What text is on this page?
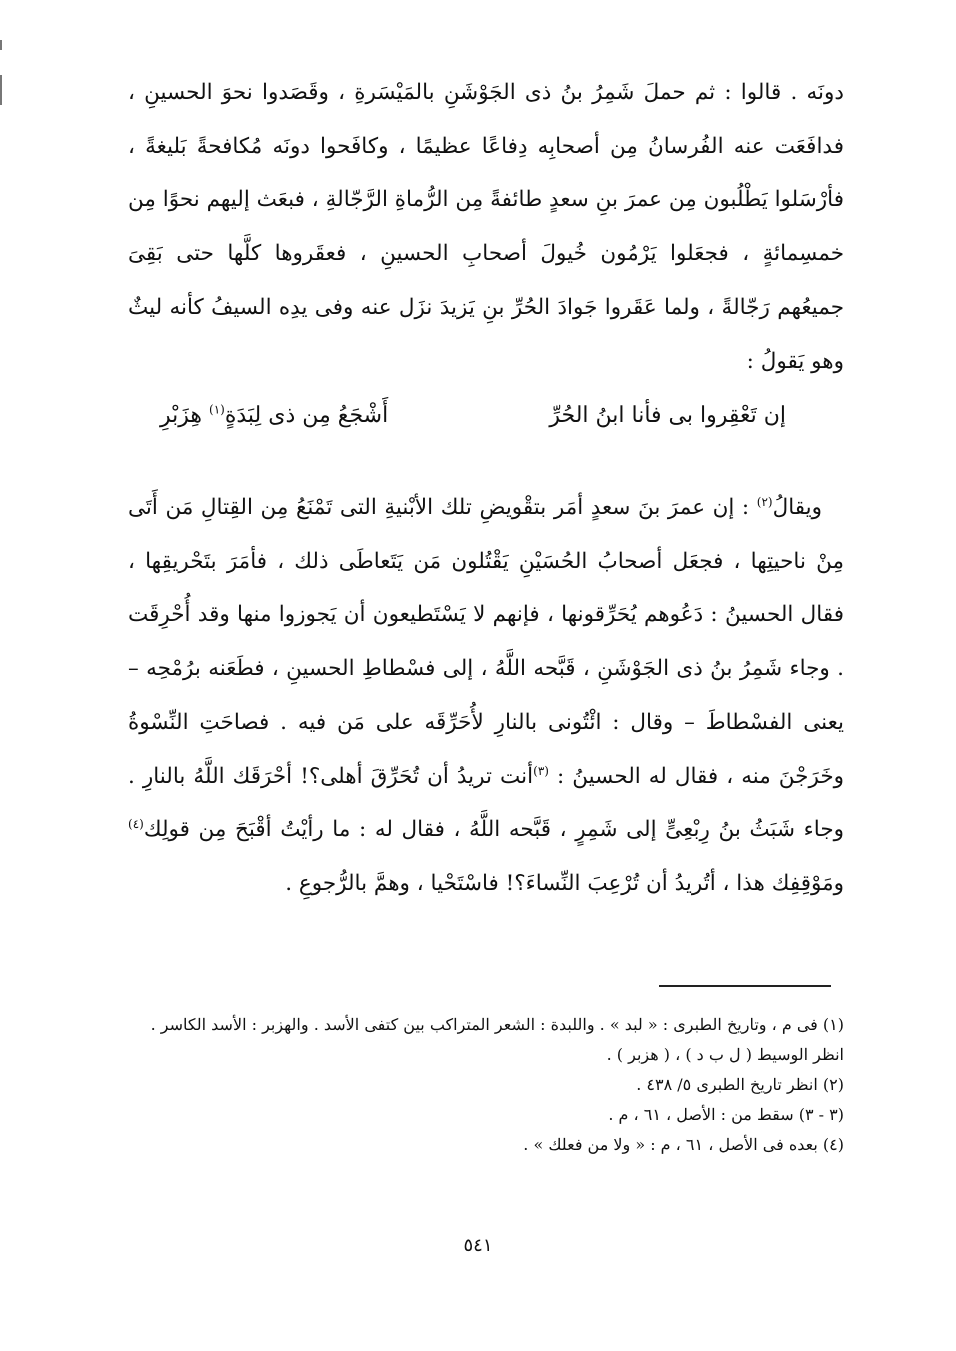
دونَه . قالوا : ثم حملَ شَمِرُ بنُ ذى الجَوْشَنِ بالمَيْسَرةِ ، وقَصَدوا نحوَ الحسينِ ، فدافَعَت عنه الفُرسانُ مِن أصحابِه دِفاعًا عظيمًا ، وكافَحوا دونَه مُكافحةً بَليغةً ، فأرْسَلوا يَطْلُبون مِن عمرَ بنِ سعدٍ طائفةً مِن الرُّماةِ الرَّجّالةِ ، فبعَث إليهم نحوًا مِن خمسِمائةٍ ، فجعَلوا يَرْمُون خُيولَ أصحابِ الحسينِ ، فعقَروها كلَّها حتى بَقِىَ جميعُهم رَجّالةً ، ولما عَقَروا جَوادَ الحُرِّ بنِ يَزيدَ نزَل عنه وفى يدِه السيفُ كأنه ليثٌ وهو يَقولُ :

إن تَعْقِروا بى فأنا ابنُ الحُرِّ
أَشْجَعُ مِن ذى لِبَدَةٍ$^{(١)}$ هِزَبْرِ

ويقالُ$^{(٢)}$ : إن عمرَ بنَ سعدٍ أمَر بتقْويضِ تلك الأبْنيةِ التى تَمْنَعُ مِن القِتالِ مَن أَتَى مِنْ ناحيتِها ، فجعَل أصحابُ الحُسَيْنِ يَقْتُلون مَن يَتَعاطَى ذلك ، فأمَرَ بتَحْريقِها ، فقال الحسينُ : دَعُوهم يُحَرِّقونها ، فإنهم لا يَسْتَطيعون أن يَجوزوا منها وقد أُحْرِقَت . وجاء شَمِرُ بنُ ذى الجَوْشَنِ ، قَبَّحه اللَّهُ ، إلى فسْطاطِ الحسينِ ، فطَعَنه برُمْحِه – يعنى الفسْطاطَ – وقال : ائْتُونى بالنارِ لأُحَرِّقَه على مَن فيه . فصاحَتِ النِّسْوةُ وخَرَجْنَ منه ، فقال له الحسينُ : $^{(٣)}$أنت تريدُ أن تُحَرِّقَ أهلى؟! أحْرَقَك اللَّهُ بالنارِ . وجاء شَبَثُ بنُ رِبْعِىٍّ إلى شَمِرٍ ، قَبَّحه اللَّهُ ، فقال له : ما رأيْتُ أقْبَحَ مِن قولِك$^{(٤)}$ ومَوْقِفِك هذا ، أتُريدُ أن تُرْعِبَ النِّساءَ؟! فاسْتَحْيا ، وهمَّ بالرُّجوعِ .

(١) فى م ، وتاريخ الطبرى : « لبد » . واللبدة : الشعر المتراكب بين كتفى الأسد . والهزبر : الأسد الكاسر . انظر الوسيط ( ل ب د ) ، ( هزبر ) .

(٢) انظر تاريخ الطبرى ٥/ ٤٣٨ .

(٣ - ٣) سقط من : الأصل ، ٦١ ، م .

(٤) بعده فى الأصل ، ٦١ ، م : « ولا من فعلك » .

٥٤١
